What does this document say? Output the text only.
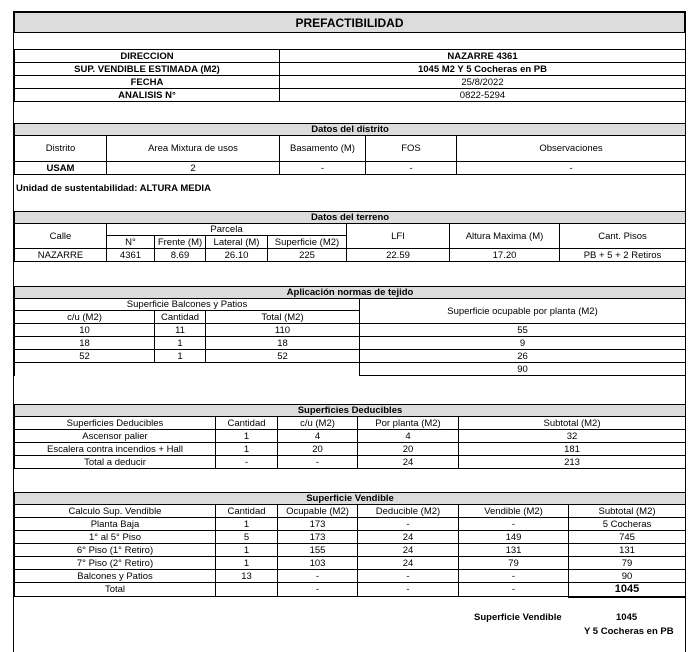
PREFACTIBILIDAD
DIRECCION	NAZARRE 4361
SUP. VENDIBLE ESTIMADA (M2)	1045 M2 Y 5 Cocheras en PB
FECHA	25/8/2022
ANALISIS N°	0822-5294
Datos del distrito				
Distrito	Area Mixtura de usos	Basamento (M)	FOS	Observaciones
USAM	2	-	-	-
Unidad de sustentabilidad: ALTURA MEDIA
Datos del terreno							
Calle	Parcela				LFI	Altura Maxima (M)	Cant. Pisos
	N°	Frente (M)	Lateral (M)	Superficie (M2)			
NAZARRE	4361	8.69	26.10	225	22.59	17.20	PB + 5 + 2 Retiros
Aplicación normas de tejido			
Superficie Balcones y Patios			Superficie ocupable por planta (M2)
c/u (M2)	Cantidad	Total (M2)	
10	11	110	55
18	1	18	9
52	1	52	26
			90
Superficies Deducibles				
Superficies Deducibles	Cantidad	c/u (M2)	Por planta (M2)	Subtotal (M2)
Ascensor palier	1	4	4	32
Escalera contra incendios + Hall	1	20	20	181
Total a deducir	-	-	24	213
Superficie Vendible					
Calculo Sup. Vendible	Cantidad	Ocupable (M2)	Deducible (M2)	Vendible (M2)	Subtotal (M2)
Planta Baja	1	173	-	-	5 Cocheras
1° al 5° Piso	5	173	24	149	745
6° Piso (1° Retiro)	1	155	24	131	131
7° Piso (2° Retiro)	1	103	24	79	79
Balcones y Patios	13	-	-	-	90
Total		-	-	-	1045
Superficie Vendible	1045
Y 5 Cocheras en PB
